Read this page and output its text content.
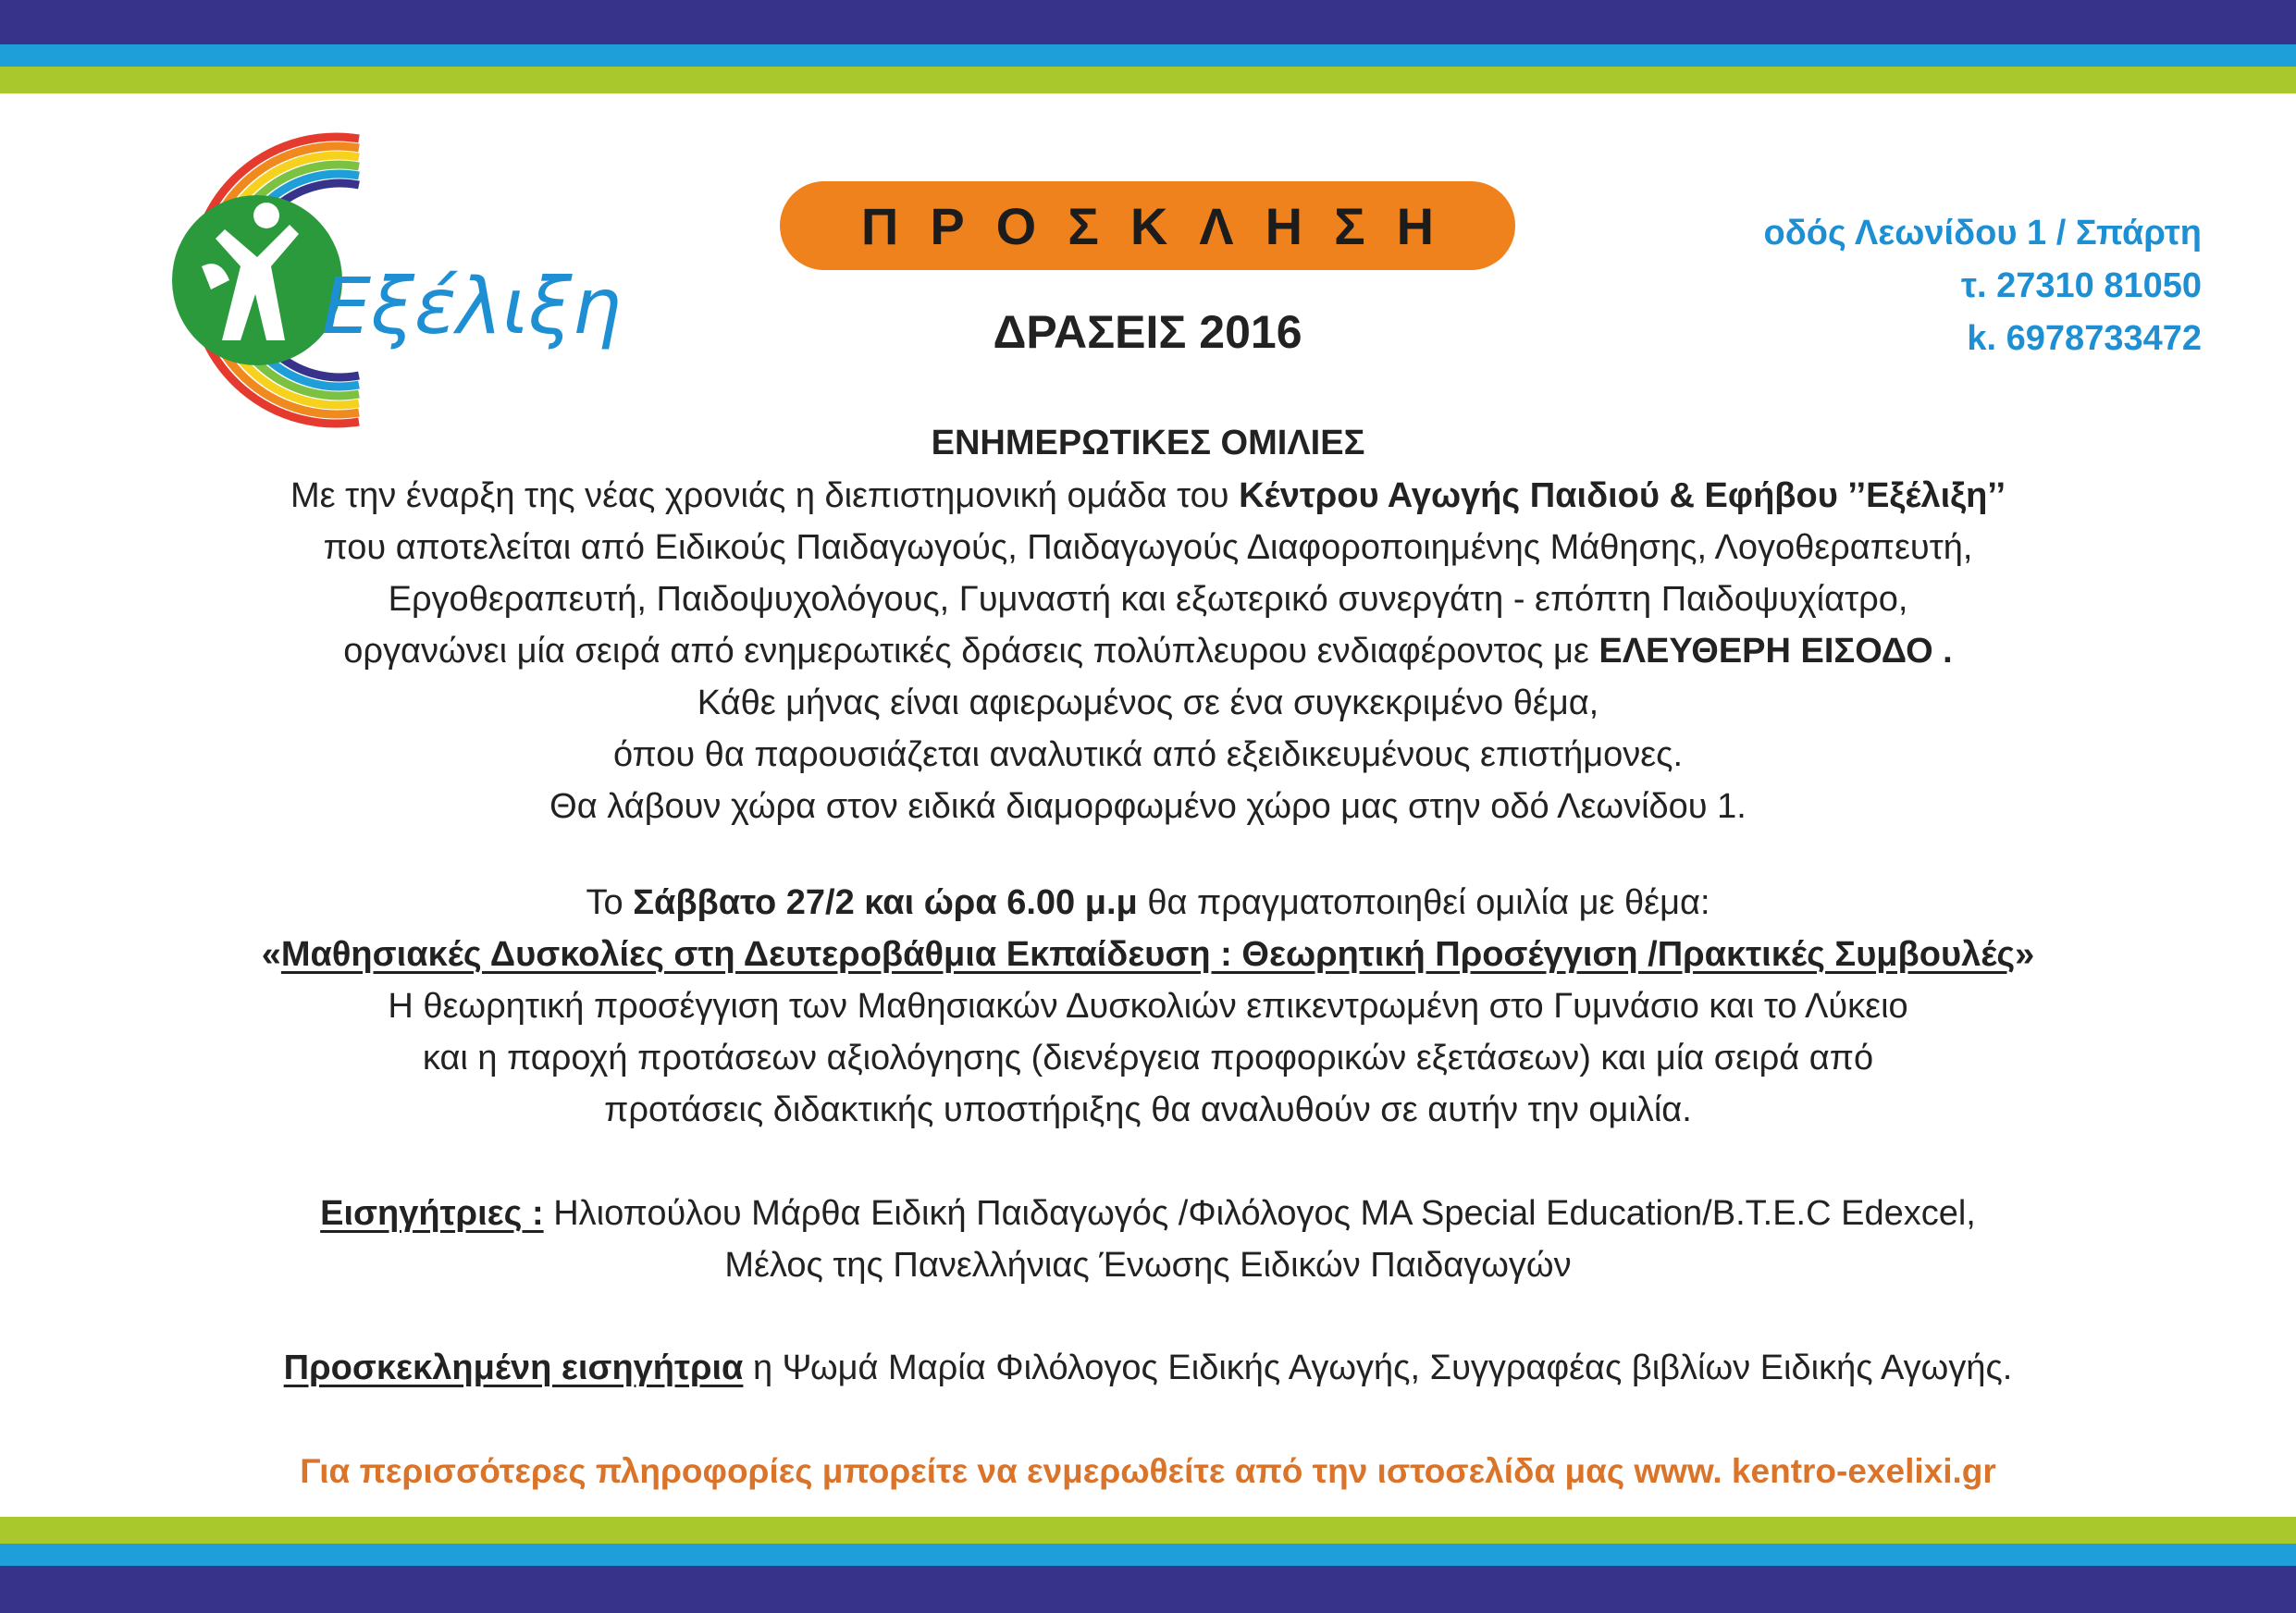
Εξέλιξη
ΠΡΟΣΚΛΗΣΗ
ΔΡΑΣΕΙΣ 2016
οδός Λεωνίδου 1 / Σπάρτη
τ. 27310 81050
k. 6978733472
ΕΝΗΜΕΡΩΤΙΚΕΣ ΟΜΙΛΙΕΣ
Με την έναρξη της νέας χρονιάς η διεπιστημονική ομάδα του Κέντρου Αγωγής Παιδιού & Εφήβου ’’Εξέλιξη’’
που αποτελείται από Ειδικούς Παιδαγωγούς, Παιδαγωγούς Διαφοροποιημένης Μάθησης, Λογοθεραπευτή,
Εργοθεραπευτή, Παιδοψυχολόγους, Γυμναστή και εξωτερικό συνεργάτη - επόπτη Παιδοψυχίατρο,
οργανώνει μία σειρά από ενημερωτικές δράσεις πολύπλευρου ενδιαφέροντος με ΕΛΕΥΘΕΡΗ ΕΙΣΟΔΟ .
Κάθε μήνας είναι αφιερωμένος σε ένα συγκεκριμένο θέμα,
όπου θα παρουσιάζεται αναλυτικά από εξειδικευμένους επιστήμονες.
Θα λάβουν χώρα στον ειδικά διαμορφωμένο χώρο μας στην οδό Λεωνίδου 1.
Το Σάββατο 27/2 και ώρα 6.00 μ.μ θα πραγματοποιηθεί ομιλία με θέμα:
«Μαθησιακές Δυσκολίες στη Δευτεροβάθμια Εκπαίδευση : Θεωρητική Προσέγγιση /Πρακτικές Συμβουλές»
Η θεωρητική προσέγγιση των Μαθησιακών Δυσκολιών επικεντρωμένη στο Γυμνάσιο και το Λύκειο
και η παροχή προτάσεων αξιολόγησης (διενέργεια προφορικών εξετάσεων) και μία σειρά από
προτάσεις διδακτικής υποστήριξης θα αναλυθούν σε αυτήν την ομιλία.
Εισηγήτριες : Ηλιοπούλου Μάρθα Ειδική Παιδαγωγός /Φιλόλογος MA Special Education/B.T.E.C Edexcel,
Μέλος της Πανελλήνιας Ένωσης Ειδικών Παιδαγωγών
Προσκεκλημένη εισηγήτρια η Ψωμά Μαρία Φιλόλογος Ειδικής Αγωγής, Συγγραφέας βιβλίων Ειδικής Αγωγής.
Για περισσότερες πληροφορίες μπορείτε να ενμερωθείτε από την ιστοσελίδα μας www. kentro-exelixi.gr
